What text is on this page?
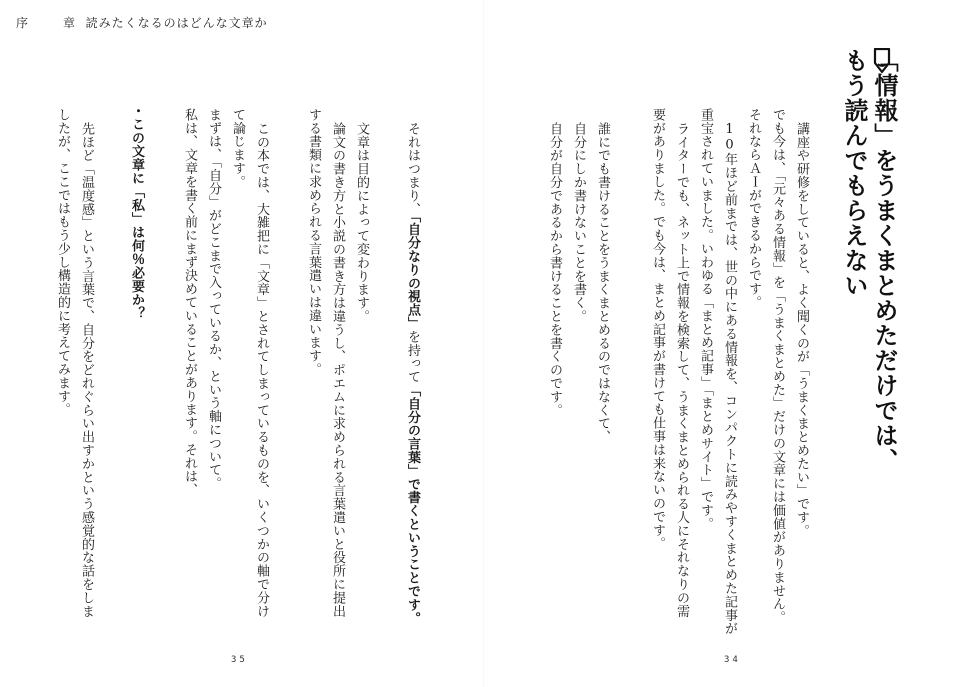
序	章 読みたくなるのはどんな文章か
「情報」をうまくまとめただけでは、
もう読んでもらえない
講座や研修をしていると、よく聞くのが「うまくまとめたい」です。
でも今は、「元々ある情報」を「うまくまとめた」だけの文章には価値がありません。
それならＡＩができるからです。
10年ほど前までは、世の中にある情報を、コンパクトに読みやすくまとめた記事が
重宝されていました。いわゆる「まとめ記事」「まとめサイト」です。
ライターでも、ネット上で情報を検索して、うまくまとめられる人にそれなりの需
要がありました。でも今は、まとめ記事が書けても仕事は来ないのです。
誰にでも書けることをうまくまとめるのではなくて、
自分にしか書けないことを書く。
自分が自分であるから書けることを書くのです。
34
それはつまり、「自分なりの視点」を持って「自分の言葉」で書くということです。
文章は目的によって変わります。
論文の書き方と小説の書き方は違うし、ポエムに求められる言葉遣いと役所に提出
する書類に求められる言葉遣いは違います。
この本では、大雑把に「文章」とされてしまっているものを、いくつかの軸で分け
て論じます。
まずは、「自分」がどこまで入っているか、という軸について。
私は、文章を書く前にまず決めていることがあります。それは、
・この文章に「私」は何％必要か？
先ほど「温度感」という言葉で、自分をどれぐらい出すかという感覚的な話をしま
したが、ここではもう少し構造的に考えてみます。
35
